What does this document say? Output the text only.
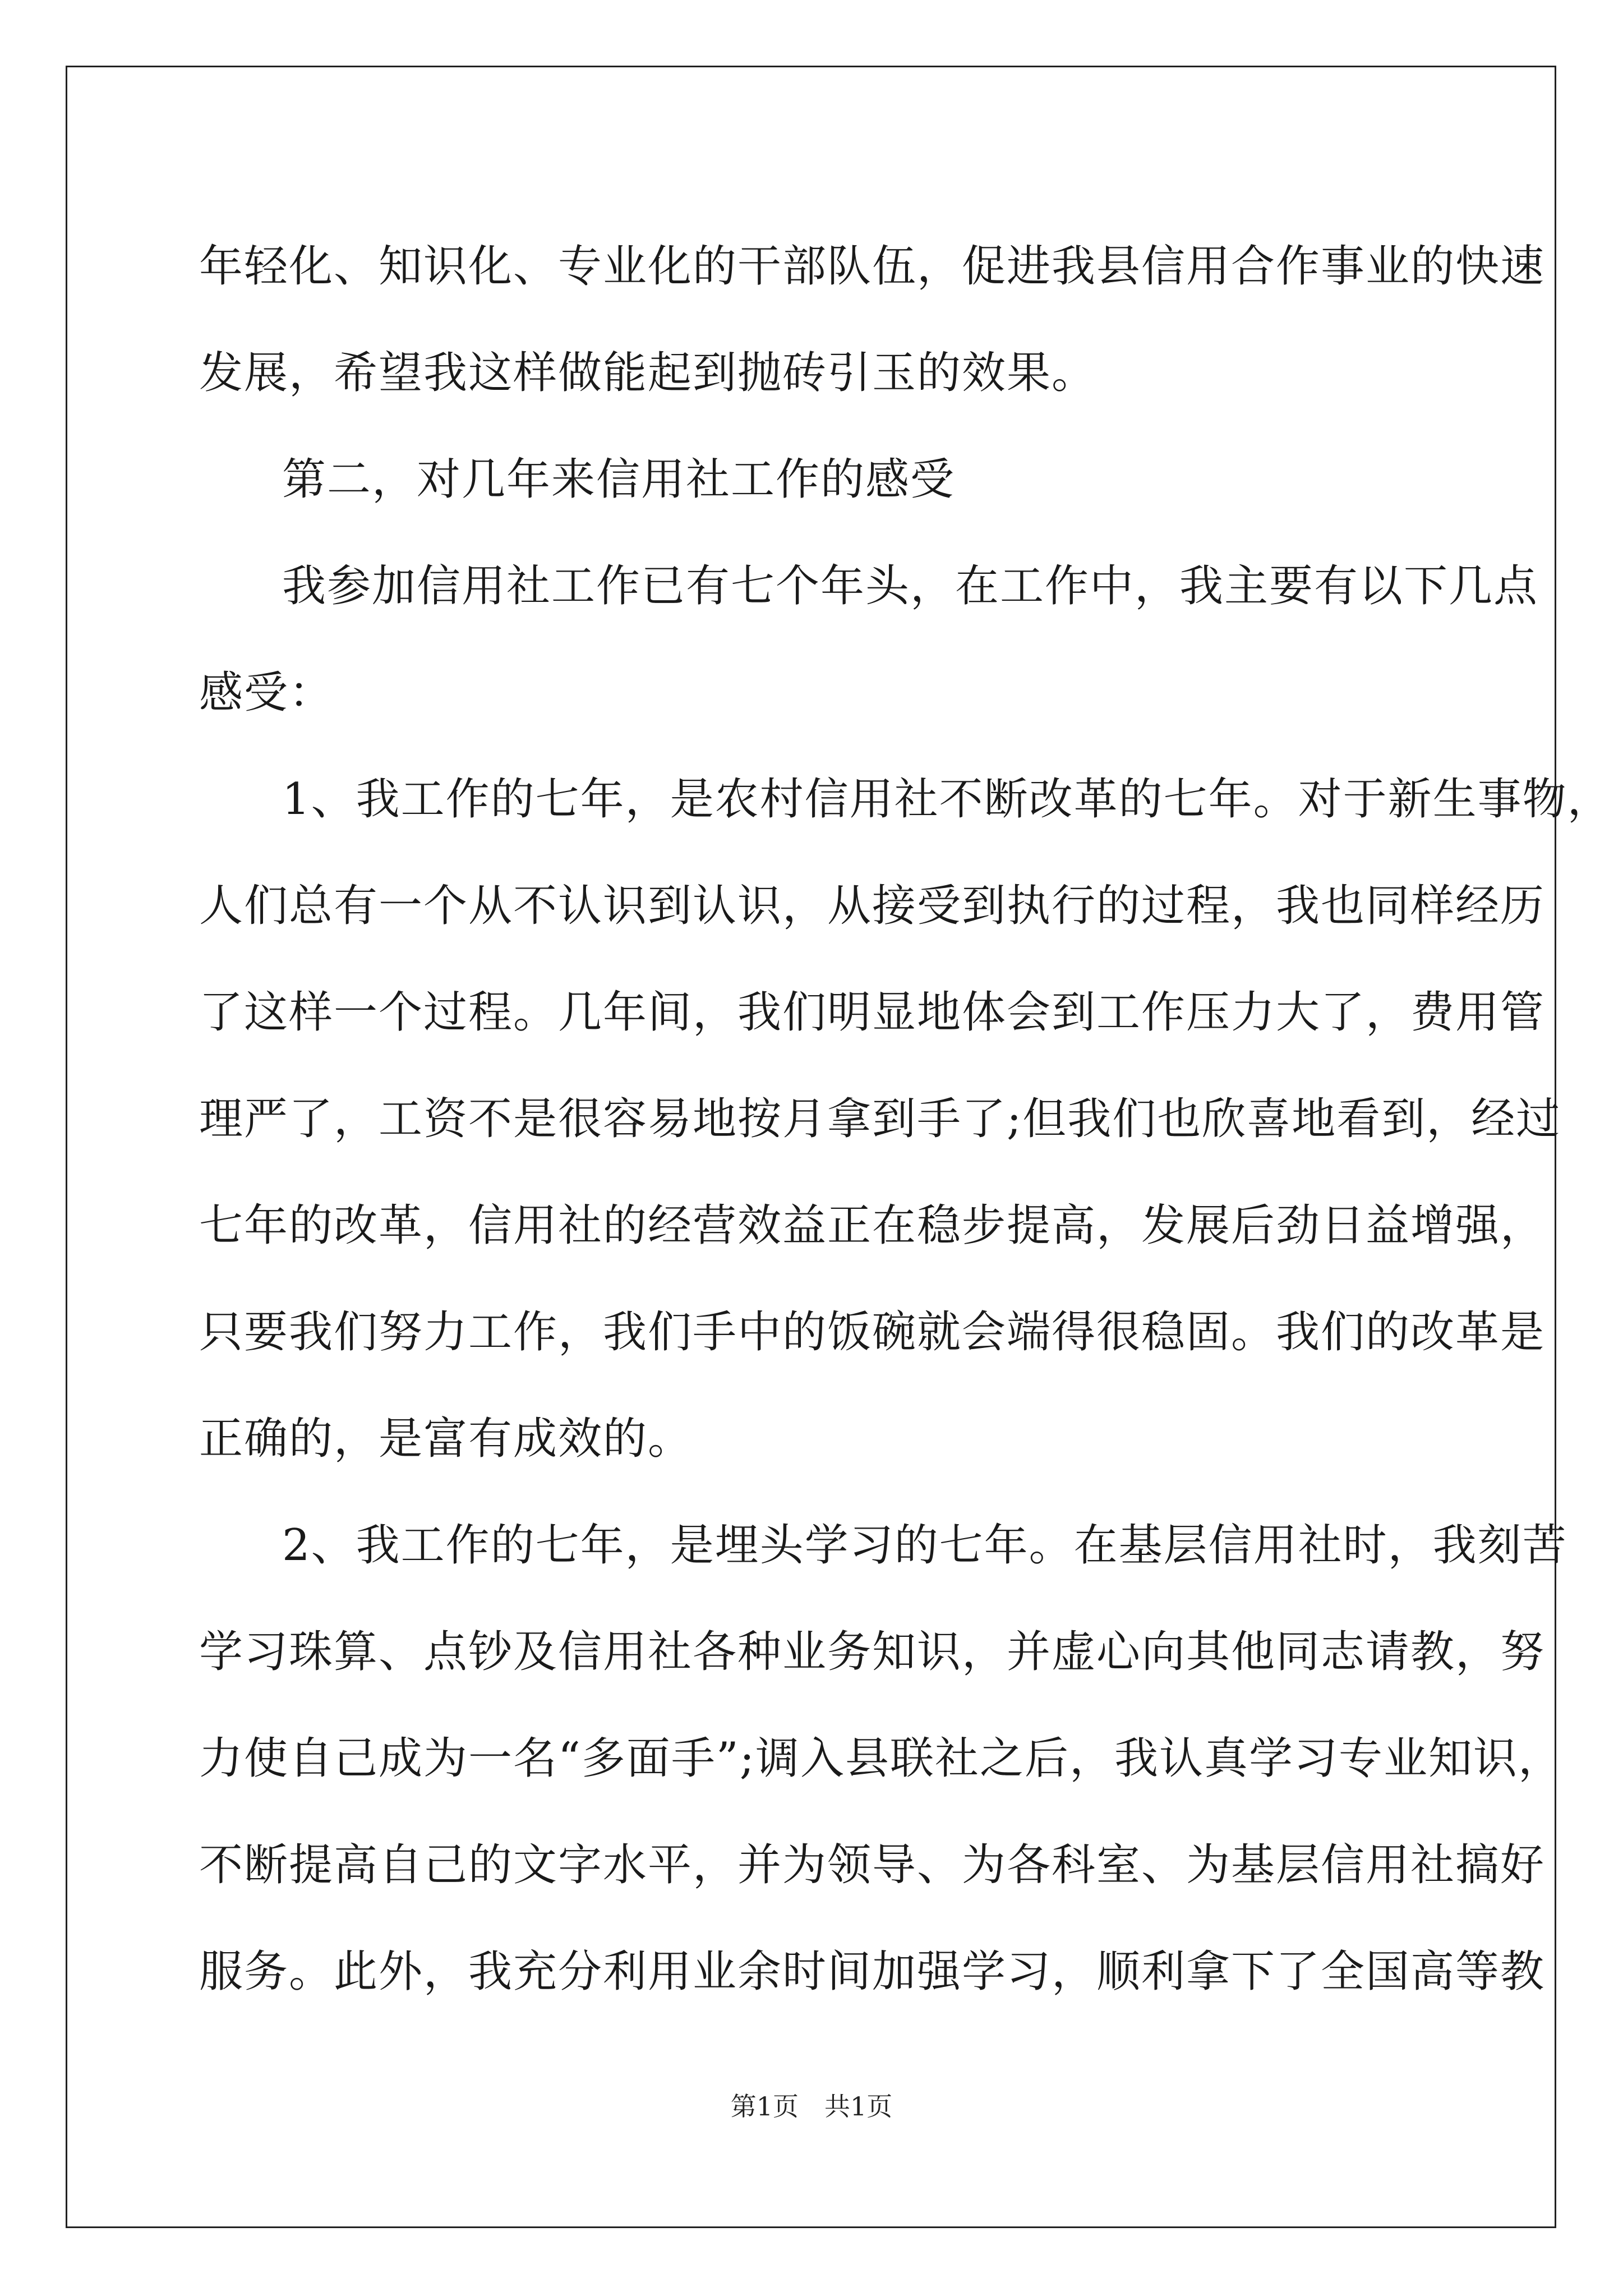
年轻化、知识化、专业化的干部队伍，促进我县信用合作事业的快速
发展，希望我这样做能起到抛砖引玉的效果。
第二，对几年来信用社工作的感受
我参加信用社工作已有七个年头，在工作中，我主要有以下几点
感受：
1、我工作的七年，是农村信用社不断改革的七年。对于新生事物，
人们总有一个从不认识到认识，从接受到执行的过程，我也同样经历
了这样一个过程。几年间，我们明显地体会到工作压力大了，费用管
理严了，工资不是很容易地按月拿到手了;但我们也欣喜地看到，经过
七年的改革，信用社的经营效益正在稳步提高，发展后劲日益增强，
只要我们努力工作，我们手中的饭碗就会端得很稳固。我们的改革是
正确的，是富有成效的。
2、我工作的七年，是埋头学习的七年。在基层信用社时，我刻苦
学习珠算、点钞及信用社各种业务知识，并虚心向其他同志请教，努
力使自己成为一名“多面手”;调入县联社之后，我认真学习专业知识，
不断提高自己的文字水平，并为领导、为各科室、为基层信用社搞好
服务。此外，我充分利用业余时间加强学习，顺利拿下了全国高等教
第1页　共1页
